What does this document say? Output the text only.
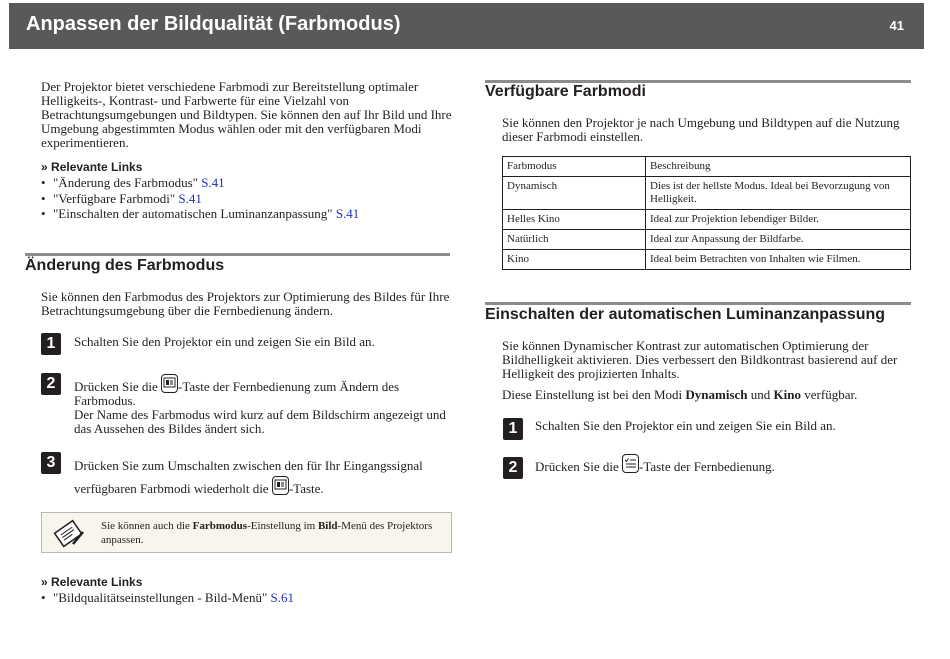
Anpassen der Bildqualität (Farbmodus)	41
Der Projektor bietet verschiedene Farbmodi zur Bereitstellung optimaler Helligkeits-, Kontrast- und Farbwerte für eine Vielzahl von Betrachtungsumgebungen und Bildtypen. Sie können den auf Ihr Bild und Ihre Umgebung abgestimmten Modus wählen oder mit den verfügbaren Modi experimentieren.
» Relevante Links
• "Änderung des Farbmodus" S.41
• "Verfügbare Farbmodi" S.41
• "Einschalten der automatischen Luminanzanpassung" S.41
Änderung des Farbmodus
Sie können den Farbmodus des Projektors zur Optimierung des Bildes für Ihre Betrachtungsumgebung über die Fernbedienung ändern.
1	Schalten Sie den Projektor ein und zeigen Sie ein Bild an.
2	Drücken Sie die
-Taste der Fernbedienung zum Ändern des Farbmodus.
Der Name des Farbmodus wird kurz auf dem Bildschirm angezeigt und das Aussehen des Bildes ändert sich.
3	Drücken Sie zum Umschalten zwischen den für Ihr Eingangssignal verfügbaren Farbmodi wiederholt die
-Taste.
Sie können auch die Farbmodus-Einstellung im Bild-Menü des Projektors anpassen.
» Relevante Links
• "Bildqualitätseinstellungen - Bild-Menü" S.61
Verfügbare Farbmodi
Sie können den Projektor je nach Umgebung und Bildtypen auf die Nutzung dieser Farbmodi einstellen.
Farbmodus	Beschreibung
Dynamisch	Dies ist der hellste Modus. Ideal bei Bevorzugung von Helligkeit.
Helles Kino	Ideal zur Projektion lebendiger Bilder.
Natürlich	Ideal zur Anpassung der Bildfarbe.
Kino	Ideal beim Betrachten von Inhalten wie Filmen.
Einschalten der automatischen Luminanzanpassung
Sie können Dynamischer Kontrast zur automatischen Optimierung der Bildhelligkeit aktivieren. Dies verbessert den Bildkontrast basierend auf der Helligkeit des projizierten Inhalts.
Diese Einstellung ist bei den Modi Dynamisch und Kino verfügbar.
1	Schalten Sie den Projektor ein und zeigen Sie ein Bild an.
2	Drücken Sie die
-Taste der Fernbedienung.
